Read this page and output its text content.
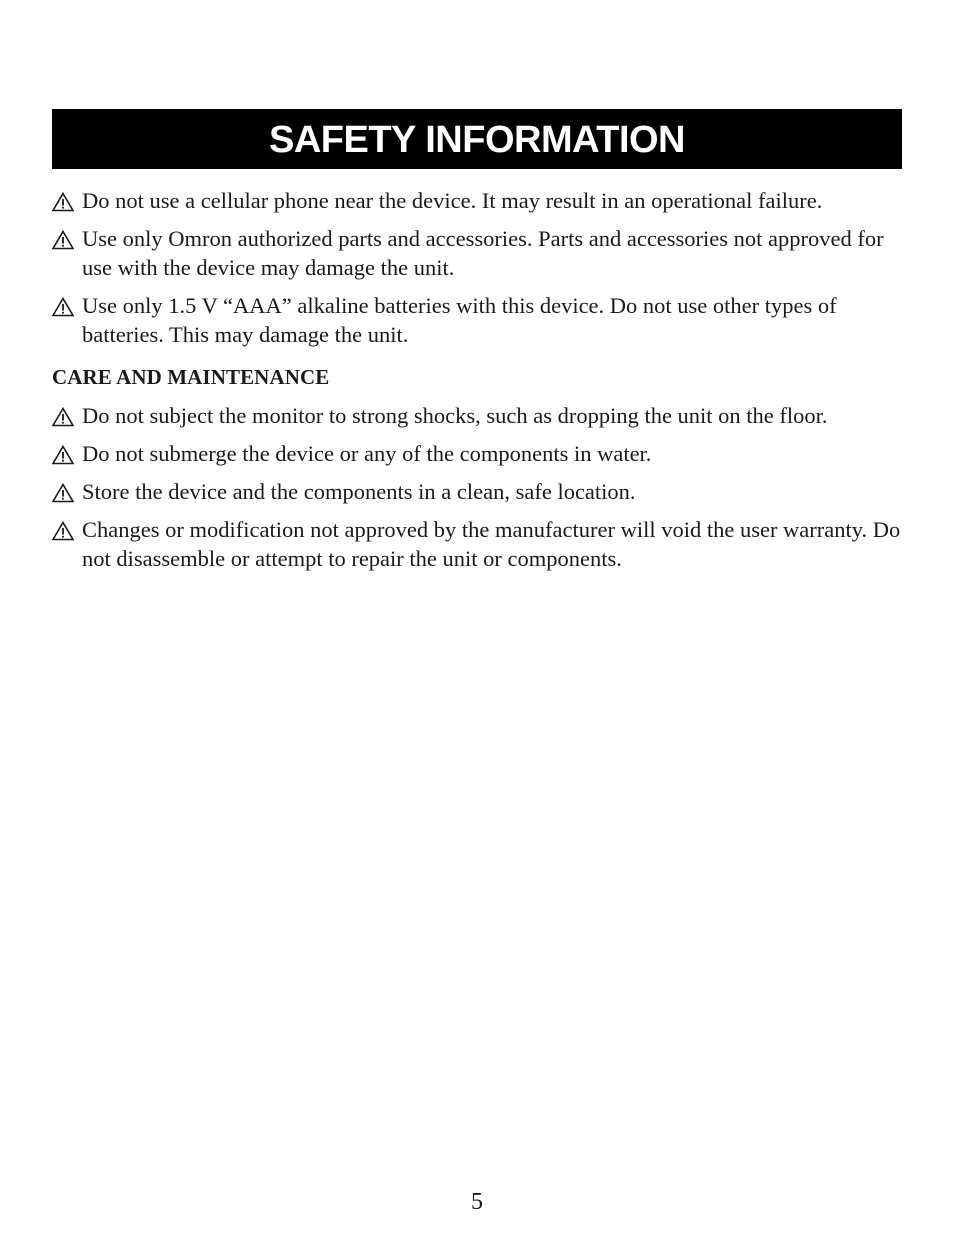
SAFETY INFORMATION
Do not use a cellular phone near the device. It may result in an operational failure.
Use only Omron authorized parts and accessories. Parts and accessories not approved for use with the device may damage the unit.
Use only 1.5 V “AAA” alkaline batteries with this device. Do not use other types of batteries. This may damage the unit.
CARE AND MAINTENANCE
Do not subject the monitor to strong shocks, such as dropping the unit on the floor.
Do not submerge the device or any of the components in water.
Store the device and the components in a clean, safe location.
Changes or modification not approved by the manufacturer will void the user warranty. Do not disassemble or attempt to repair the unit or components.
5
